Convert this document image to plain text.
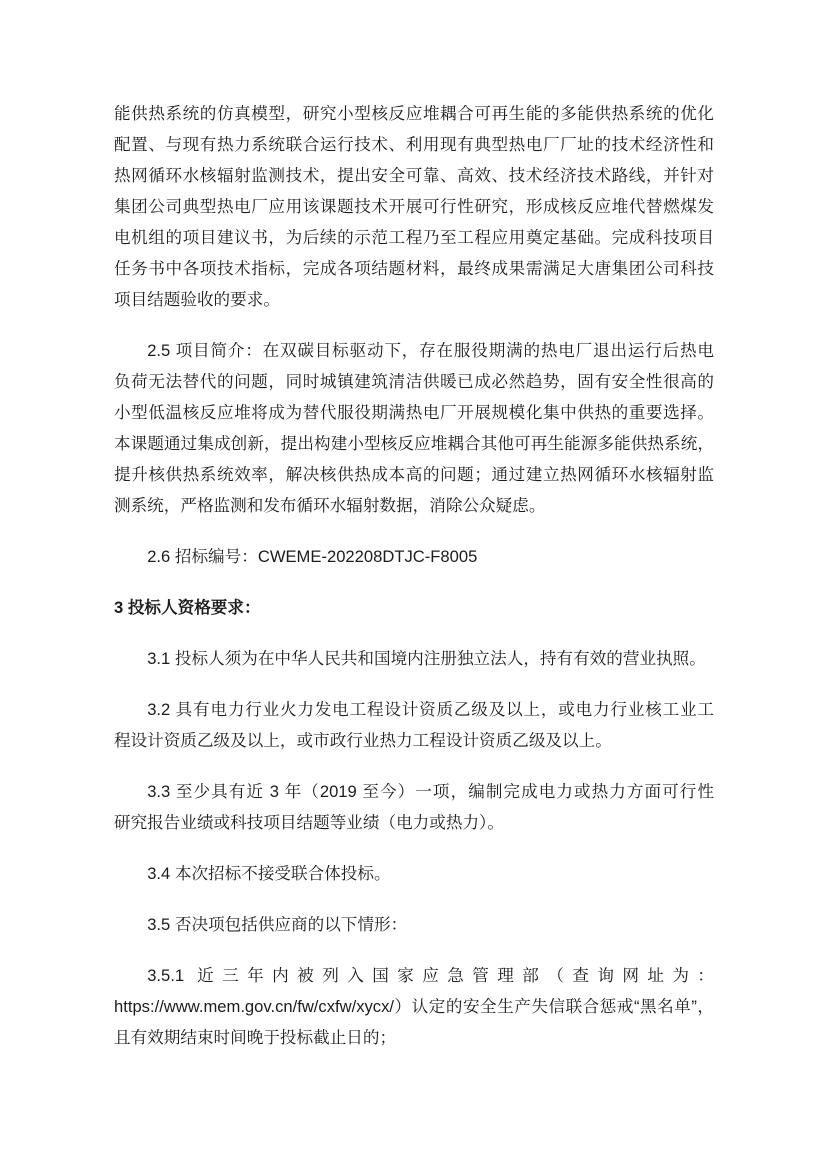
能供热系统的仿真模型，研究小型核反应堆耦合可再生能的多能供热系统的优化
配置、与现有热力系统联合运行技术、利用现有典型热电厂厂址的技术经济性和
热网循环水核辐射监测技术，提出安全可靠、高效、技术经济技术路线，并针对
集团公司典型热电厂应用该课题技术开展可行性研究，形成核反应堆代替燃煤发
电机组的项目建议书，为后续的示范工程乃至工程应用奠定基础。完成科技项目
任务书中各项技术指标，完成各项结题材料，最终成果需满足大唐集团公司科技
项目结题验收的要求。
2.5 项目简介：在双碳目标驱动下，存在服役期满的热电厂退出运行后热电
负荷无法替代的问题，同时城镇建筑清洁供暖已成必然趋势，固有安全性很高的
小型低温核反应堆将成为替代服役期满热电厂开展规模化集中供热的重要选择。
本课题通过集成创新，提出构建小型核反应堆耦合其他可再生能源多能供热系统，
提升核供热系统效率，解决核供热成本高的问题；通过建立热网循环水核辐射监
测系统，严格监测和发布循环水辐射数据，消除公众疑虑。
2.6 招标编号：CWEME-202208DTJC-F8005
3 投标人资格要求：
3.1 投标人须为在中华人民共和国境内注册独立法人，持有有效的营业执照。
3.2 具有电力行业火力发电工程设计资质乙级及以上，或电力行业核工业工
程设计资质乙级及以上，或市政行业热力工程设计资质乙级及以上。
3.3 至少具有近 3 年（2019 至今）一项，编制完成电力或热力方面可行性
研究报告业绩或科技项目结题等业绩（电力或热力）。
3.4 本次招标不接受联合体投标。
3.5 否决项包括供应商的以下情形：
3.5.1 近三年内被列入国家应急管理部（查询网址为：
https://www.mem.gov.cn/fw/cxfw/xycx/）认定的安全生产失信联合惩戒“黑名单”，
且有效期结束时间晚于投标截止日的；
